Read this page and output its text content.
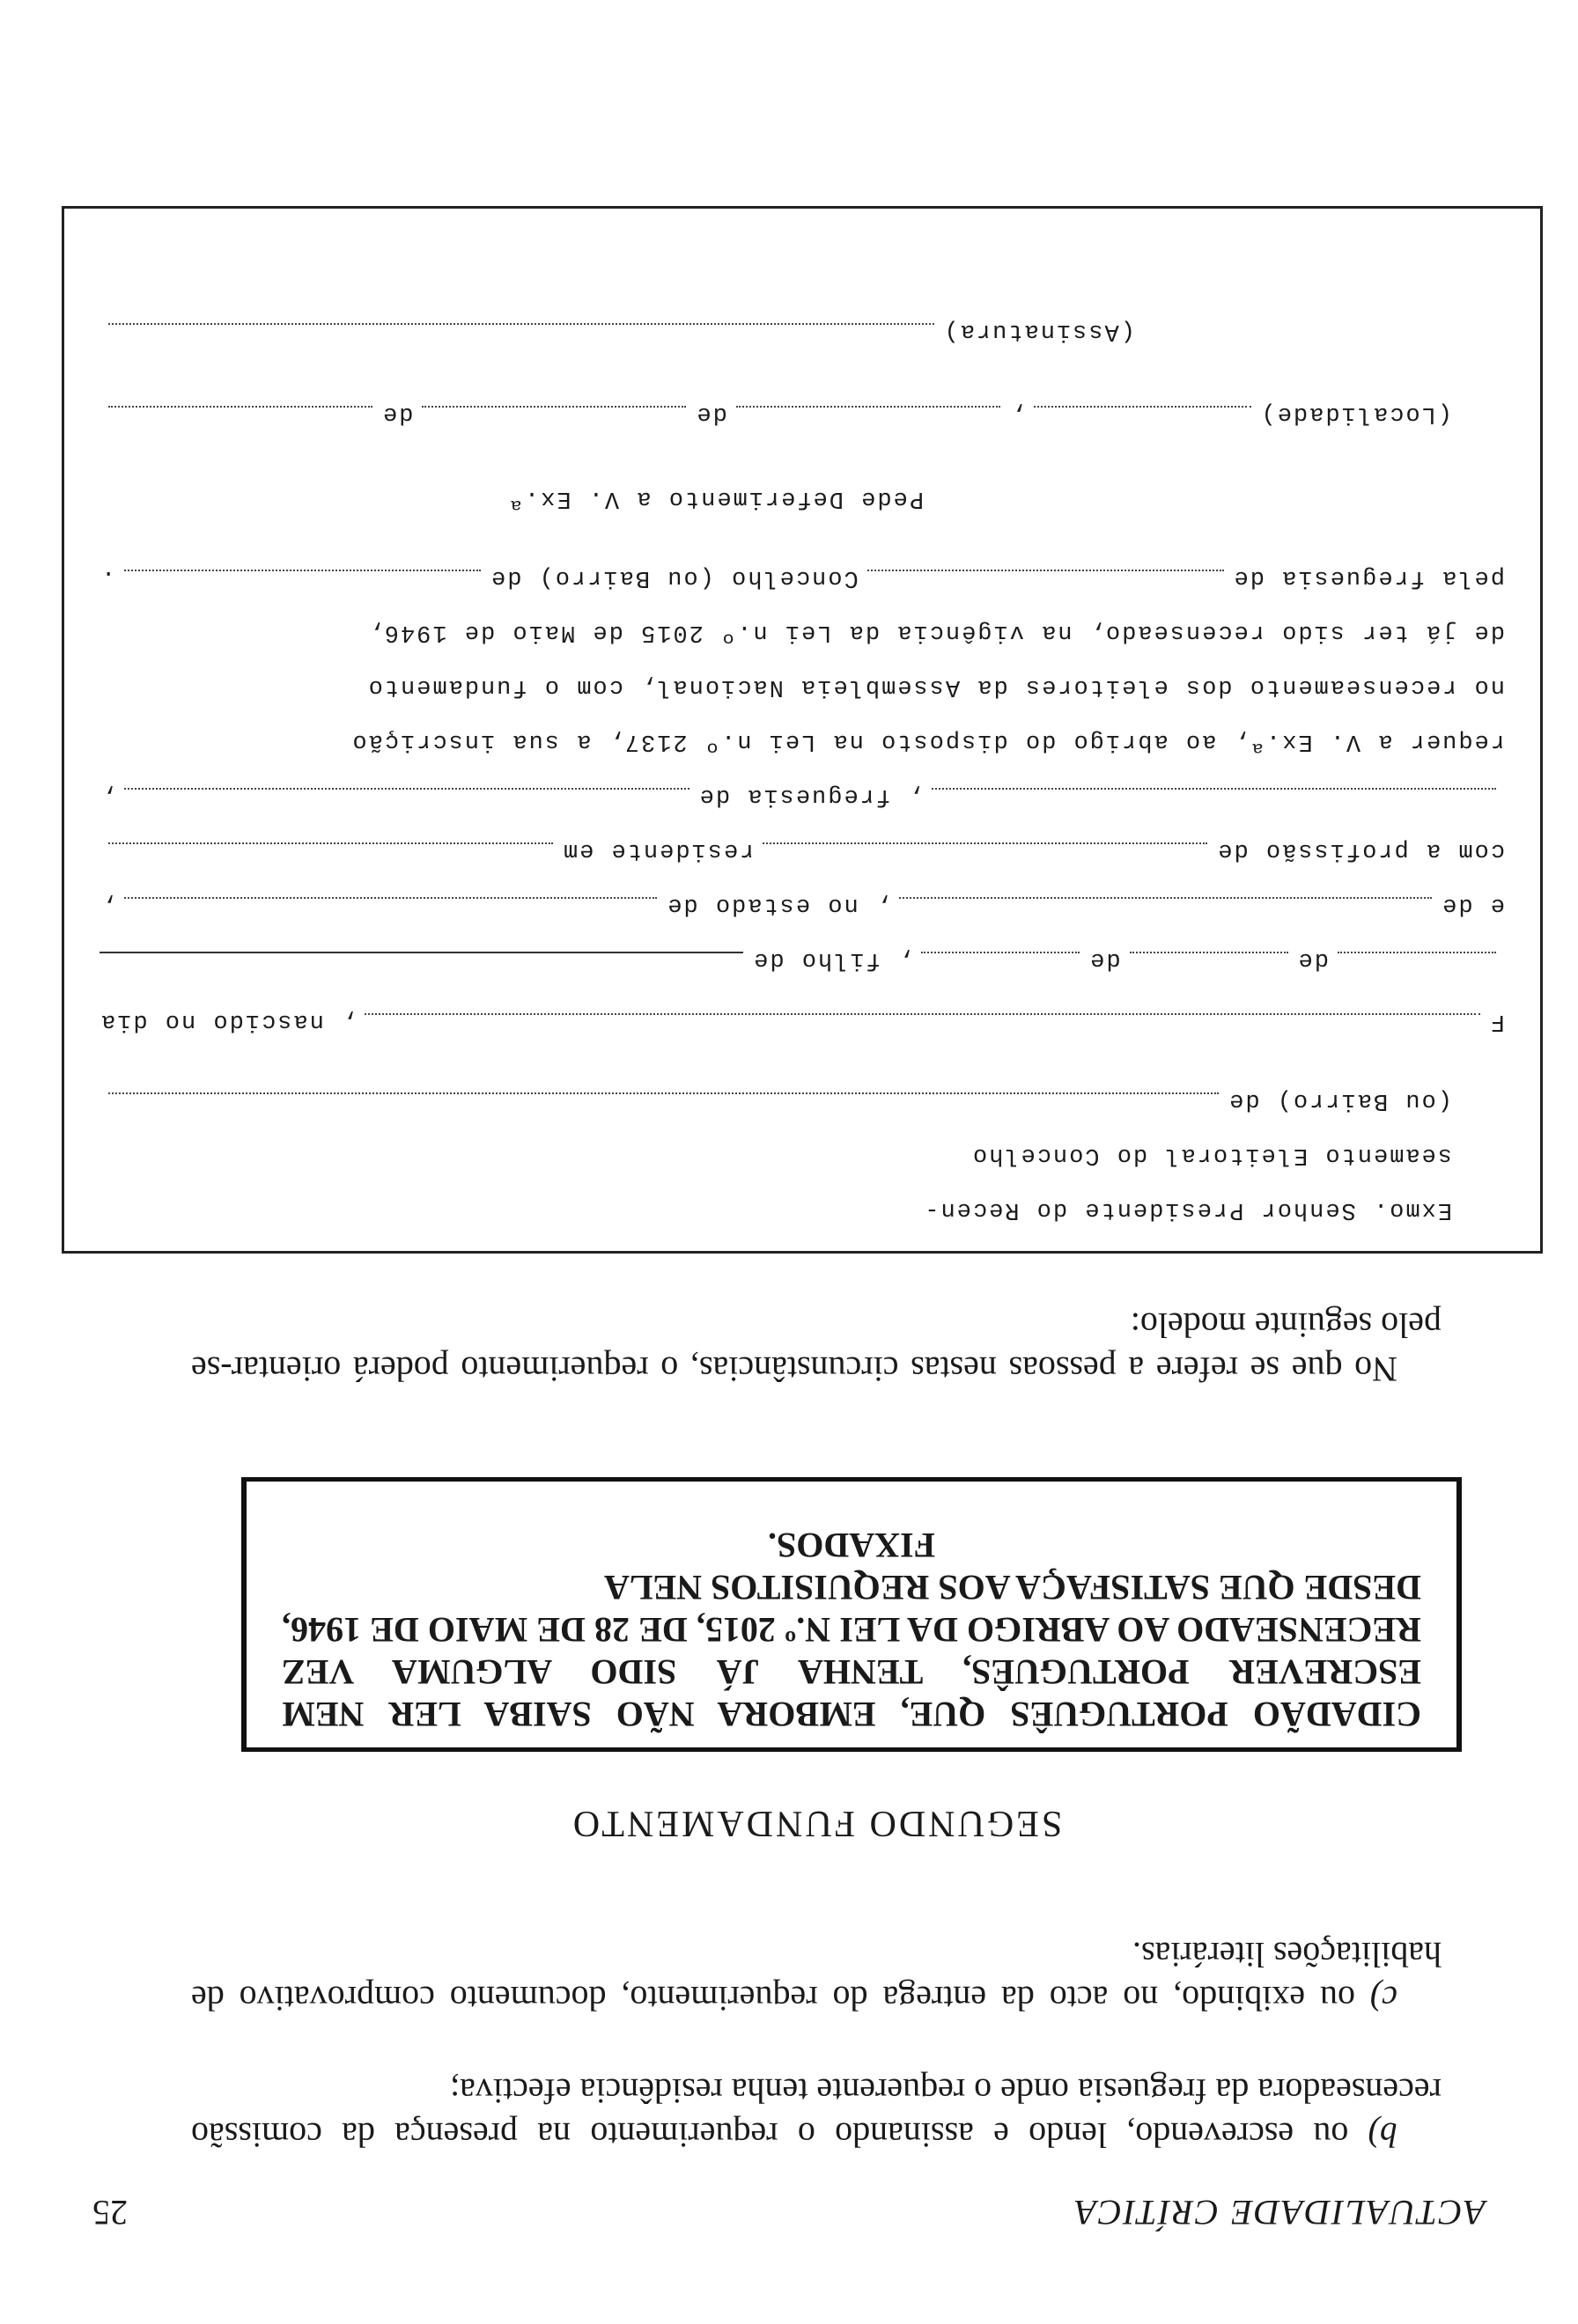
ACTUALIDADE CRÍTICA
25

b) ou escrevendo, lendo e assinando o requerimento na presença da comissão recenseadora da freguesia onde o requerente tenha residência efectiva;

c) ou exibindo, no acto da entrega do requerimento, documento comprovativo de habilitações literárias.

SEGUNDO FUNDAMENTO
CIDADÃO PORTUGUÊS QUE, EMBORA NÃO SAIBA LER NEM ESCREVER PORTUGUÊS, TENHA JÁ SIDO ALGUMA VEZ RECENSEADO AO ABRIGO DA LEI N.º 2015, DE 28 DE MAIO DE 1946, DESDE QUE SATISFAÇA AOS REQUISITOS NELA
FIXADOS.

No que se refere a pessoas nestas circunstâncias, o requerimento poderá orientar-se pelo seguinte modelo:

Exmo. Senhor Presidente do Recen-
seamento Eleitoral do Concelho
(ou Bairro) de
F
, nascido no dia
de
de
, filho de
e de
, no estado de
,
com a profissão de
residente em
, freguesia de
,
requer a V. Ex.ª, ao abrigo do disposto na Lei n.º 2137, a sua inscrição
no recenseamento dos eleitores da Assembleia Nacional, com o fundamento
de já ter sido recenseado, na vigência da Lei n.º 2015 de Maio de 1946,
pela freguesia de
Concelho (ou Bairro) de
.
Pede Deferimento a V. Ex.ª
(Localidade)
,
de
de
(Assinatura)
